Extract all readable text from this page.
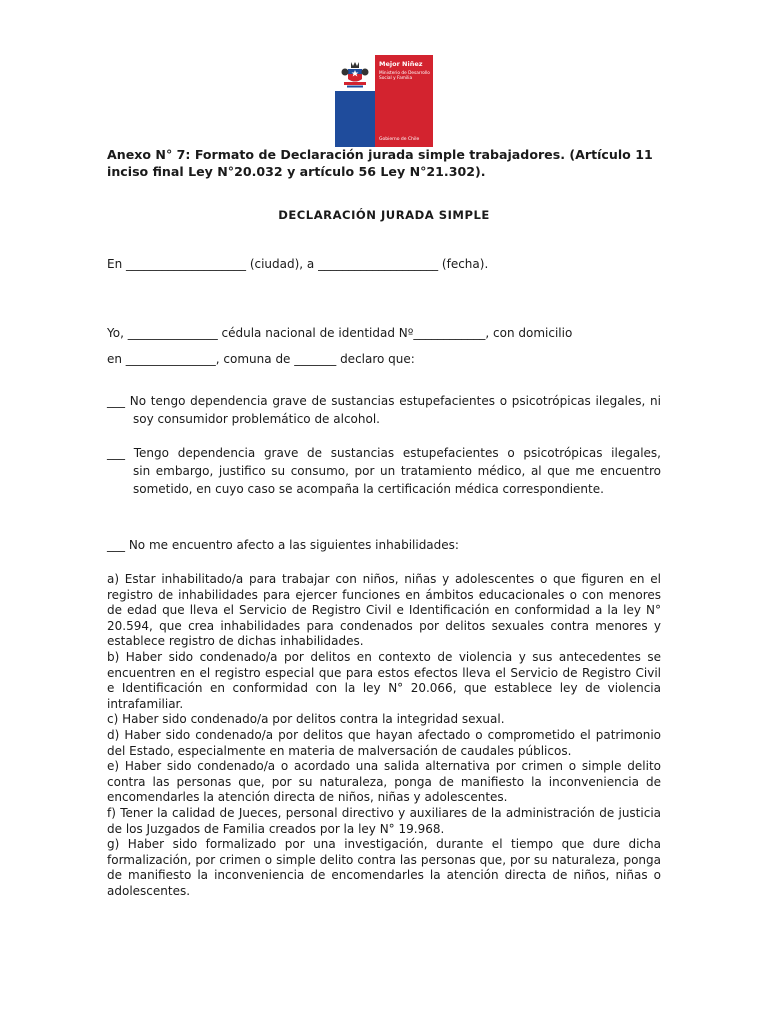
Mejor Niñez
Ministerio de Desarrollo Social y Familia
Gobierno de Chile

Anexo N° 7: Formato de Declaración jurada simple trabajadores. (Artículo 11 inciso final Ley N°20.032 y artículo 56 Ley N°21.302).

DECLARACIÓN JURADA SIMPLE

En ____________________ (ciudad), a ____________________ (fecha).

Yo, _______________ cédula nacional de identidad Nº____________, con domicilio

en _______________, comuna de _______ declaro que:

___ No tengo dependencia grave de sustancias estupefacientes o psicotrópicas ilegales, ni soy consumidor problemático de alcohol.
___ Tengo dependencia grave de sustancias estupefacientes o psicotrópicas ilegales,
sin embargo, justifico su consumo, por un tratamiento médico, al que me encuentro sometido, en cuyo caso se acompaña la certificación médica correspondiente.
___ No me encuentro afecto a las siguientes inhabilidades:

a) Estar inhabilitado/a para trabajar con niños, niñas y adolescentes o que figuren en el registro de inhabilidades para ejercer funciones en ámbitos educacionales o con menores de edad que lleva el Servicio de Registro Civil e Identificación en conformidad a la ley N° 20.594, que crea inhabilidades para condenados por delitos sexuales contra menores y establece registro de dichas inhabilidades.

b) Haber sido condenado/a por delitos en contexto de violencia y sus antecedentes se encuentren en el registro especial que para estos efectos lleva el Servicio de Registro Civil e Identificación en conformidad con la ley N° 20.066, que establece ley de violencia intrafamiliar.

c) Haber sido condenado/a por delitos contra la integridad sexual.

d) Haber sido condenado/a por delitos que hayan afectado o comprometido el patrimonio del Estado, especialmente en materia de malversación de caudales públicos.

e) Haber sido condenado/a o acordado una salida alternativa por crimen o simple delito contra las personas que, por su naturaleza, ponga de manifiesto la inconveniencia de encomendarles la atención directa de niños, niñas y adolescentes.

f) Tener la calidad de Jueces, personal directivo y auxiliares de la administración de justicia de los Juzgados de Familia creados por la ley N° 19.968.

g) Haber sido formalizado por una investigación, durante el tiempo que dure dicha formalización, por crimen o simple delito contra las personas que, por su naturaleza, ponga de manifiesto la inconveniencia de encomendarles la atención directa de niños, niñas o adolescentes.
